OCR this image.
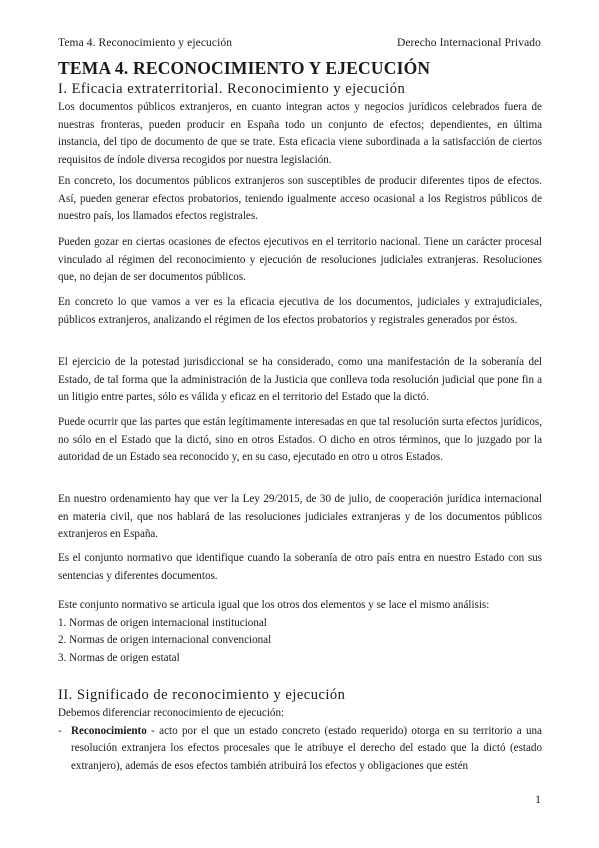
Tema 4. Reconocimiento y ejecución	Derecho Internacional Privado
TEMA 4. RECONOCIMIENTO Y EJECUCIÓN
I. Eficacia extraterritorial. Reconocimiento y ejecución

Los documentos públicos extranjeros, en cuanto integran actos y negocios jurídicos celebrados fuera de nuestras fronteras, pueden producir en España todo un conjunto de efectos; dependientes, en última instancia, del tipo de documento de que se trate. Esta eficacia viene subordinada a la satisfacción de ciertos requisitos de índole diversa recogidos por nuestra legislación.

En concreto, los documentos públicos extranjeros son susceptibles de producir diferentes tipos de efectos. Así, pueden generar efectos probatorios, teniendo igualmente acceso ocasional a los Registros públicos de nuestro país, los llamados efectos registrales.

Pueden gozar en ciertas ocasiones de efectos ejecutivos en el territorio nacional. Tiene un carácter procesal vinculado al régimen del reconocimiento y ejecución de resoluciones judiciales extranjeras. Resoluciones que, no dejan de ser documentos públicos.

En concreto lo que vamos a ver es la eficacia ejecutiva de los documentos, judiciales y extrajudiciales, públicos extranjeros, analizando el régimen de los efectos probatorios y registrales generados por éstos.

El ejercicio de la potestad jurisdiccional se ha considerado, como una manifestación de la soberanía del Estado, de tal forma que la administración de la Justicia que conlleva toda resolución judicial que pone fin a un litigio entre partes, sólo es válida y eficaz en el territorio del Estado que la dictó.

Puede ocurrir que las partes que están legítimamente interesadas en que tal resolución surta efectos jurídicos, no sólo en el Estado que la dictó, sino en otros Estados. O dicho en otros términos, que lo juzgado por la autoridad de un Estado sea reconocido y, en su caso, ejecutado en otro u otros Estados.

En nuestro ordenamiento hay que ver la Ley 29/2015, de 30 de julio, de cooperación jurídica internacional en materia civil, que nos hablará de las resoluciones judiciales extranjeras y de los documentos públicos extranjeros en España.

Es el conjunto normativo que identifique cuando la soberanía de otro país entra en nuestro Estado con sus sentencias y diferentes documentos.

Este conjunto normativo se articula igual que los otros dos elementos y se lace el mismo análisis:

1. Normas de origen internacional institucional
2. Normas de origen internacional convencional
3. Normas de origen estatal
II. Significado de reconocimiento y ejecución

Debemos diferenciar reconocimiento de ejecución:

- Reconocimiento - acto por el que un estado concreto (estado requerido) otorga en su territorio a una resolución extranjera los efectos procesales que le atribuye el derecho del estado que la dictó (estado extranjero), además de esos efectos también atribuirá los efectos y obligaciones que estén
1
